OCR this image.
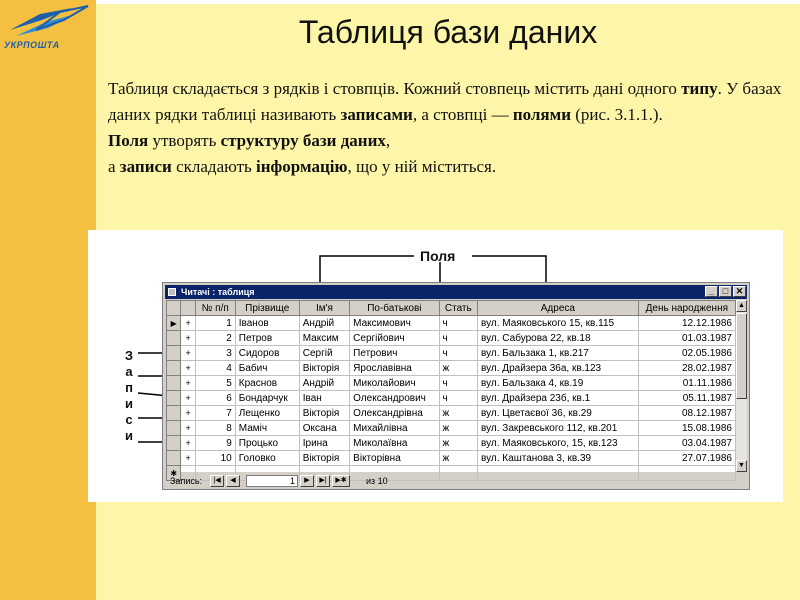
УКРПОШТА	Таблиця бази даних

Таблиця складається з рядків і стовпців. Кожний стовпець містить дані одного типу. У базах даних рядки таблиці називають записами, а стовпці — полями (рис. 3.1.1.).

Поля утворять структуру бази даних,

а записи складають інформацію, що у ній міститься.

Поля
З
а
п
и
с
и
Читачі : таблиця	_ □ ✕
		№ п/п	Прізвище	Ім'я	По-батькові	Стать	Адреса	День народження
▶	+	1	Іванов	Андрій	Максимович	ч	вул. Маяковського 15, кв.115	12.12.1986
	+	2	Петров	Максим	Сергійович	ч	вул. Сабурова 22, кв.18	01.03.1987
	+	3	Сидоров	Сергій	Петрович	ч	вул. Бальзака 1, кв.217	02.05.1986
	+	4	Бабич	Вікторія	Ярославівна	ж	вул. Драйзера 36а, кв.123	28.02.1987
	+	5	Краснов	Андрій	Миколайович	ч	вул. Бальзака 4, кв.19	01.11.1986
	+	6	Бондарчук	Іван	Олександрович	ч	вул. Драйзера 23б, кв.1	05.11.1987
	+	7	Лещенко	Вікторія	Олександрівна	ж	вул. Цветаєвої 36, кв.29	08.12.1987
	+	8	Маміч	Оксана	Михайлівна	ж	вул. Закревського 112, кв.201	15.08.1986
	+	9	Процько	Ірина	Миколаївна	ж	вул. Маяковського, 15, кв.123	03.04.1987
	+	10	Головко	Вікторія	Вікторівна	ж	вул. Каштанова 3, кв.39	27.07.1986
✱								
▲
▼
Запись:	|◀	◀	1	▶	▶|	▶✱	из 10
